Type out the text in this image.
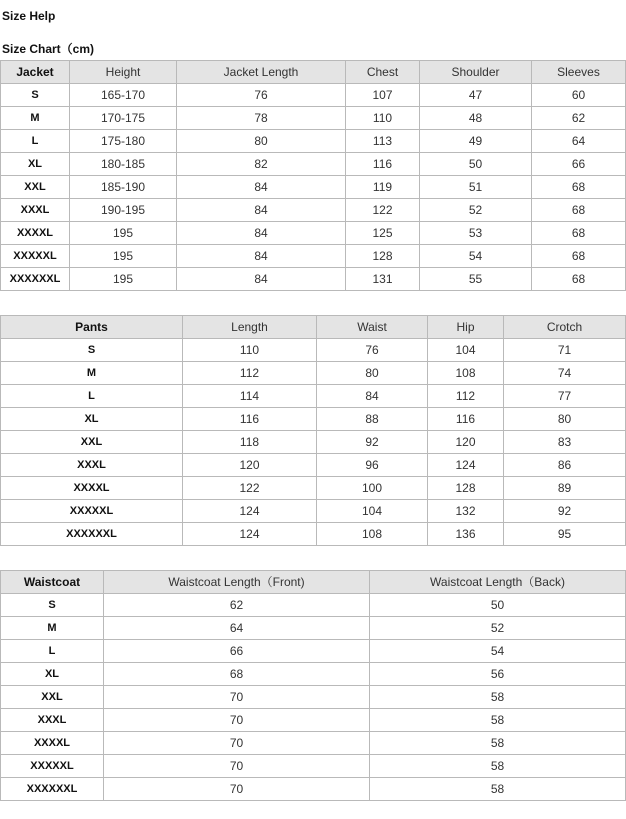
Size Help
Size Chart（cm)
Jacket	Height	Jacket Length	Chest	Shoulder	Sleeves
S	165-170	76	107	47	60
M	170-175	78	110	48	62
L	175-180	80	113	49	64
XL	180-185	82	116	50	66
XXL	185-190	84	119	51	68
XXXL	190-195	84	122	52	68
XXXXL	195	84	125	53	68
XXXXXL	195	84	128	54	68
XXXXXXL	195	84	131	55	68
Pants	Length	Waist	Hip	Crotch
S	110	76	104	71
M	112	80	108	74
L	114	84	112	77
XL	116	88	116	80
XXL	118	92	120	83
XXXL	120	96	124	86
XXXXL	122	100	128	89
XXXXXL	124	104	132	92
XXXXXXL	124	108	136	95
Waistcoat	Waistcoat Length（Front)	Waistcoat Length（Back)
S	62	50
M	64	52
L	66	54
XL	68	56
XXL	70	58
XXXL	70	58
XXXXL	70	58
XXXXXL	70	58
XXXXXXL	70	58
